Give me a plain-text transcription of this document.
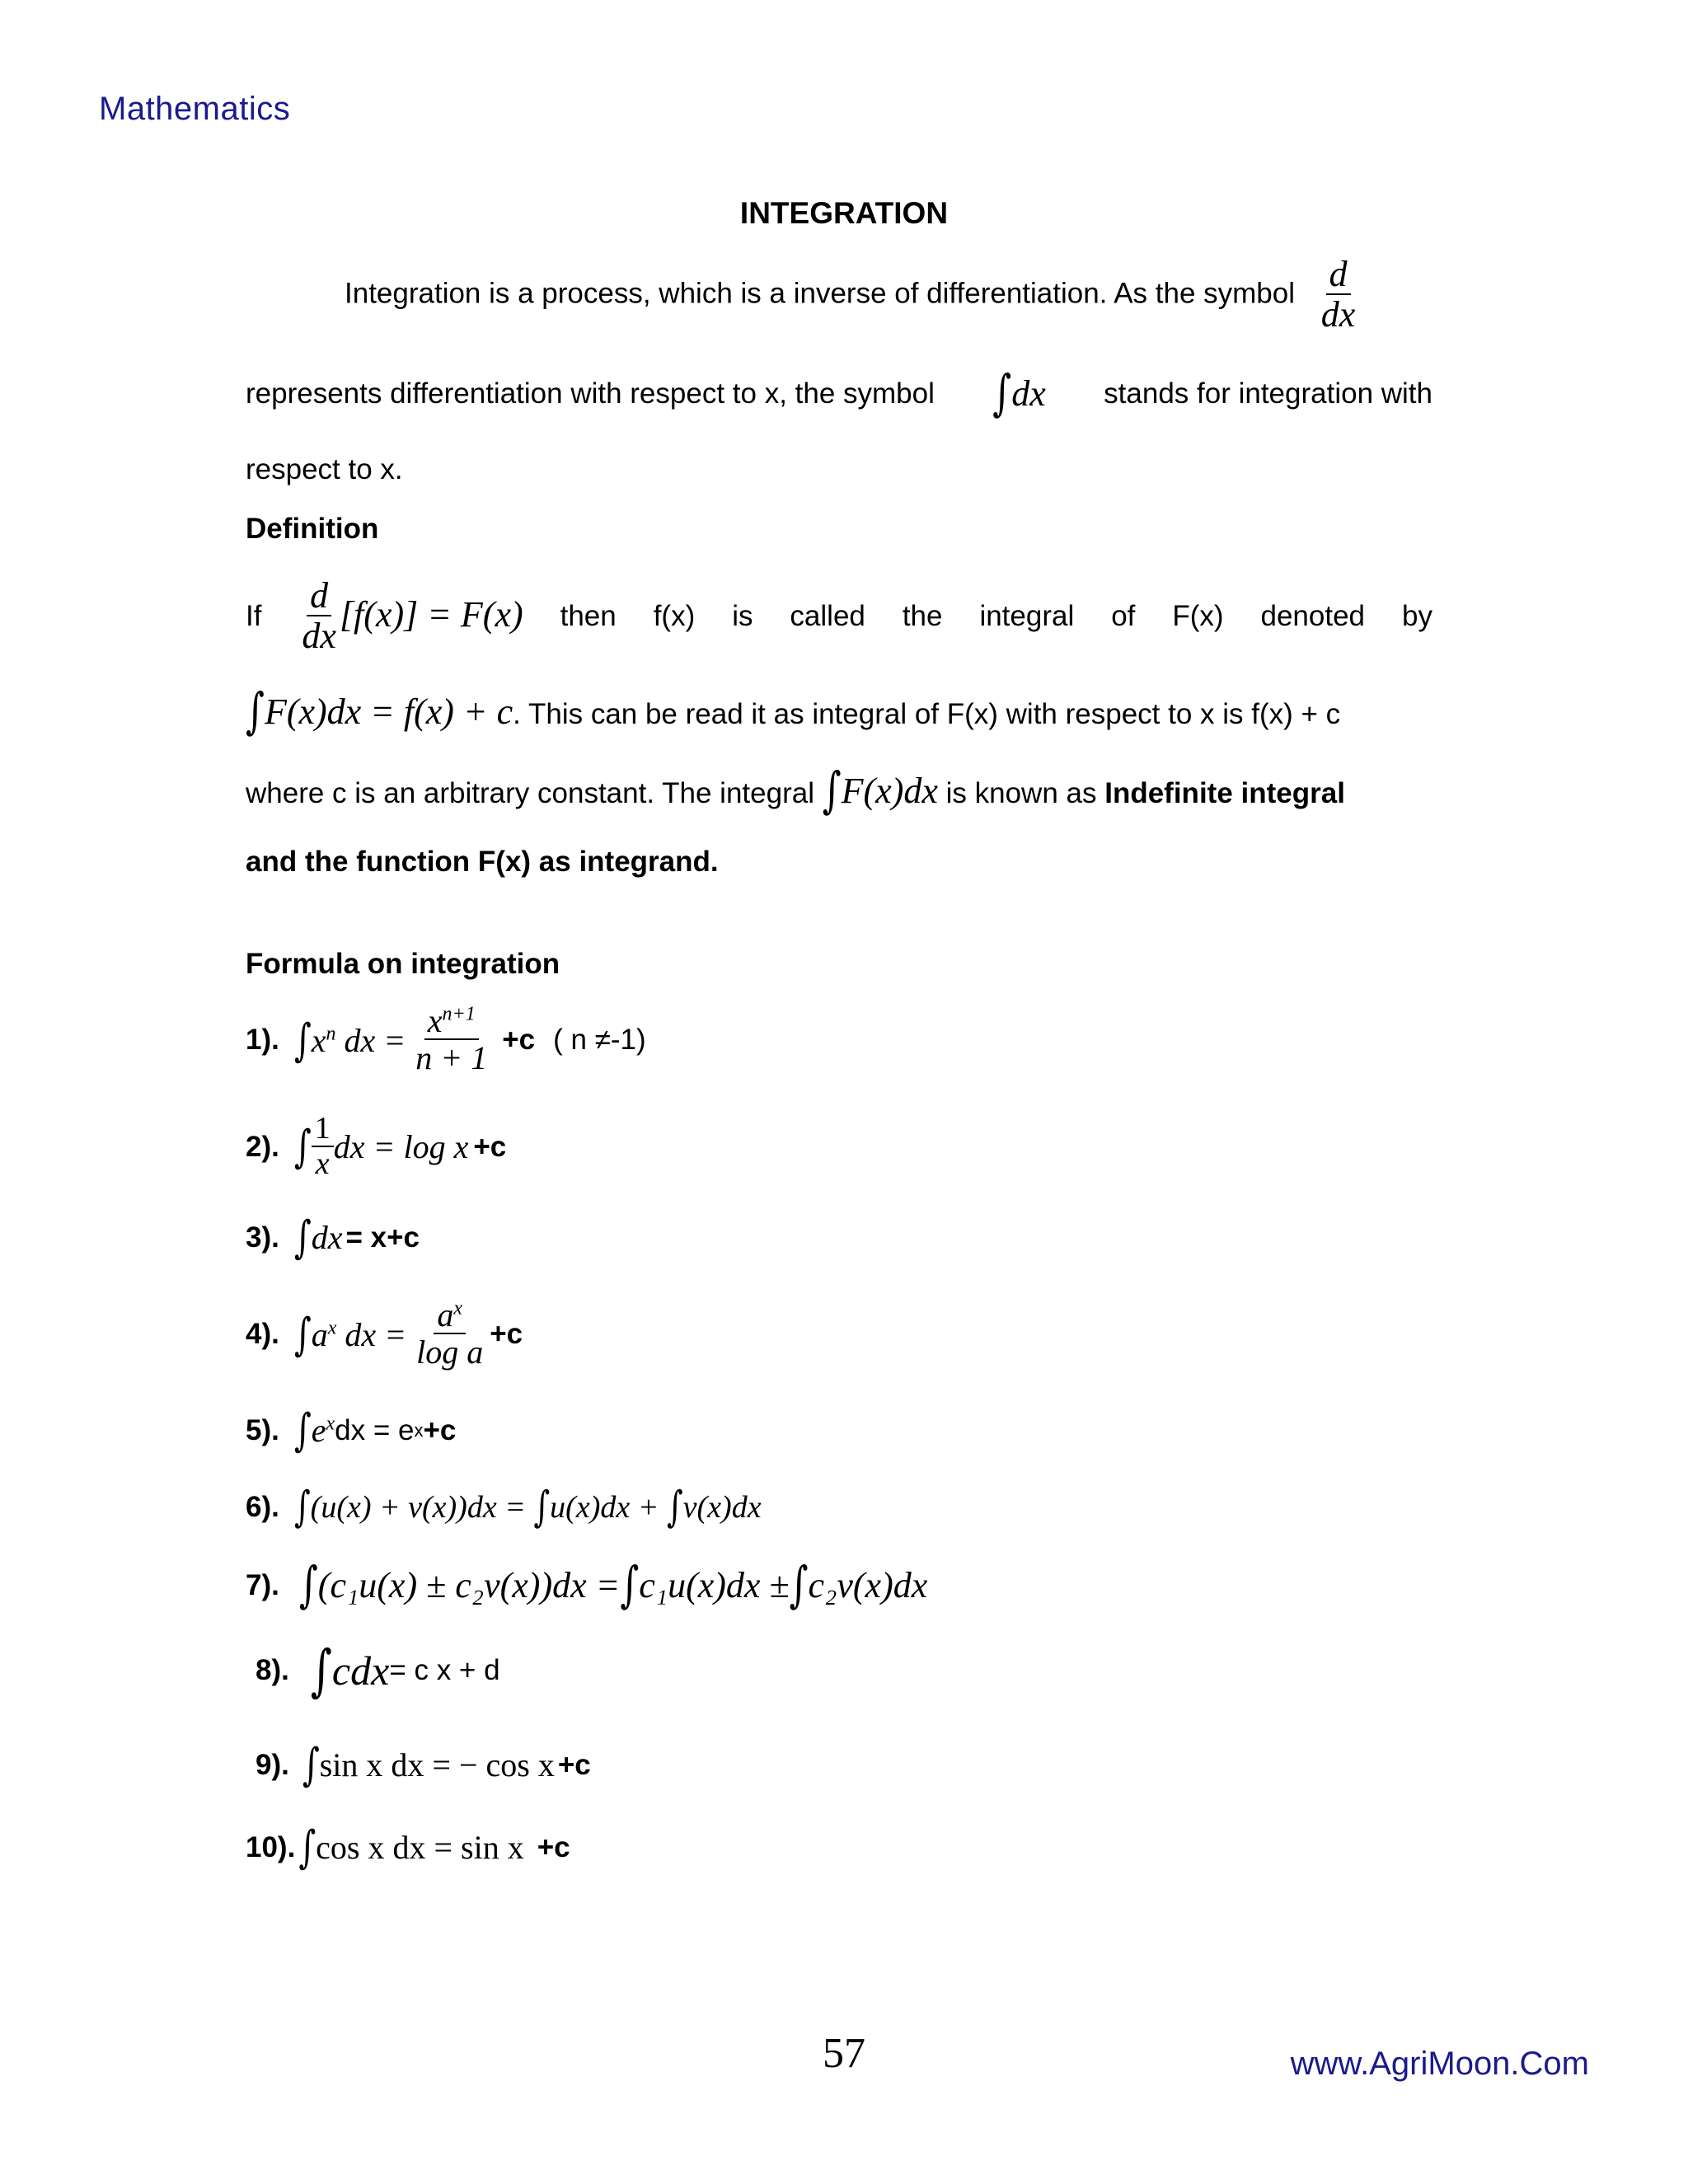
Mathematics
INTEGRATION
Integration is a process, which is a inverse of differentiation. As the symbol $\frac{d}{dx}$
represents differentiation with respect to x, the symbol ∫dx stands for integration with
respect to x.
Definition
If $\frac{d}{dx} [f(x)] = F(x)$ then f(x) is called the integral of F(x) denoted by
∫F(x)dx = f(x) + c. This can be read it as integral of F(x) with respect to x is f(x) + c
where c is an arbitrary constant. The integral ∫F(x)dx is known as Indefinite integral
and the function F(x) as integrand.
Formula on integration
1). $\int x^n$ dx = $\frac{x^{n+1}}{n + 1} +c$ ( n ≠-1)
2). ∫ $\frac{1}{x}$ dx = log x +c
3). ∫dx = x+c
4). $\int a^x$ dx = $\frac{a^x}{\text{log a}} +c$
5). $\int e^x$ dx = e x +c
6). ∫(u(x) + v(x))dx = ∫u(x)dx + ∫v(x)dx
7). ∫(c₁u(x) ± c₂v(x))dx =∫c₁u(x)dx ±∫c₂v(x)dx
8). ∫cdx = c x + d
9). ∫sin x dx = − cos x +c
10). ∫cos x dx = sin x +c
57	www.AgriMoon.Com
